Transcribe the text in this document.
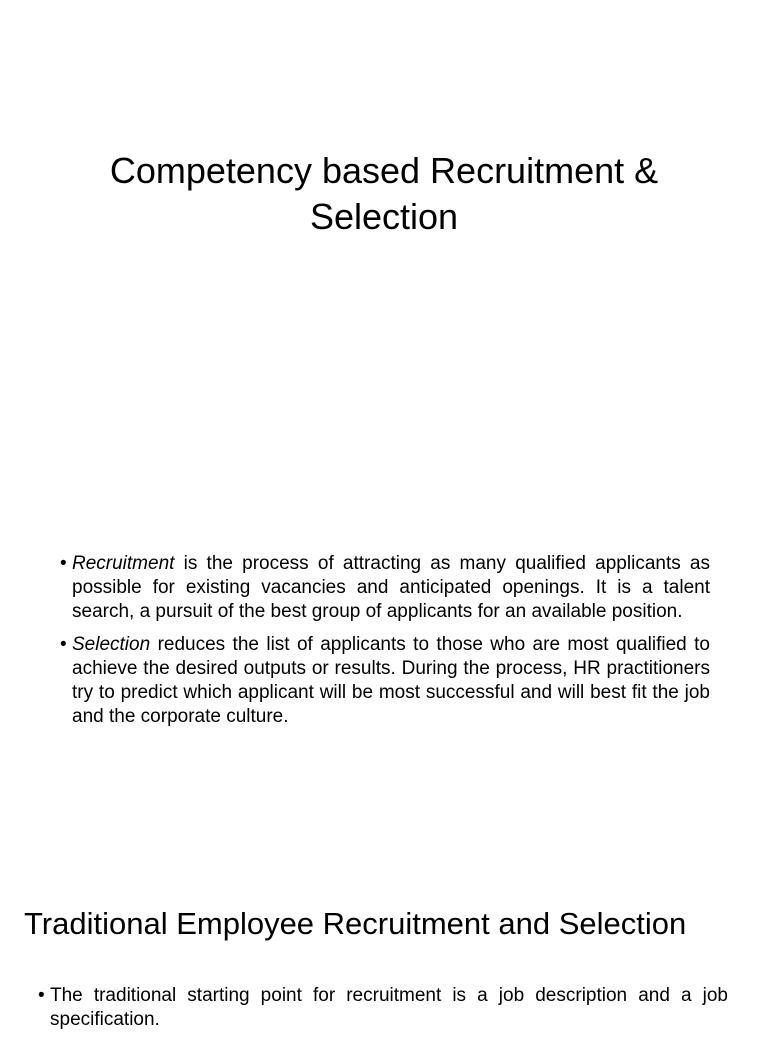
Competency based Recruitment &
Selection
• Recruitment is the process of attracting as many qualified applicants as possible for existing vacancies and anticipated openings. It is a talent search, a pursuit of the best group of applicants for an available position.
• Selection reduces the list of applicants to those who are most qualified to achieve the desired outputs or results. During the process, HR practitioners try to predict which applicant will be most successful and will best fit the job and the corporate culture.
Traditional Employee Recruitment and Selection
• The traditional starting point for recruitment is a job description and a job specification.
